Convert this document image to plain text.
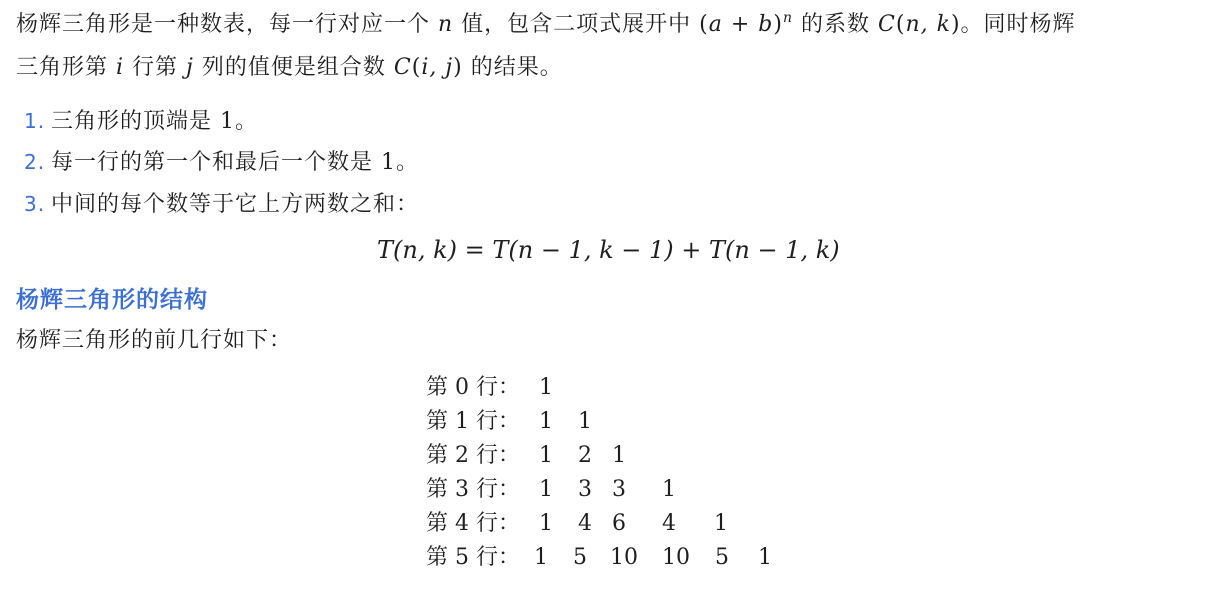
杨辉三角形是一种数表，每一行对应一个 n 值，包含二项式展开中 $(a + b)^n$ 的系数 C(n, k)。同时杨辉
三角形第 i 行第 j 列的值便是组合数 C(i, j) 的结果。
1. 三角形的顶端是 1。
2. 每一行的第一个和最后一个数是 1。
3. 中间的每个数等于它上方两数之和：
T(n, k) = T(n − 1, k − 1) + T(n − 1, k)
杨辉三角形的结构
杨辉三角形的前几行如下：
第 0 行： 1
第 1 行： 1 1
第 2 行： 1 2 1
第 3 行： 1 3 3 1
第 4 行： 1 4 6 4 1
第 5 行： 1 5 10 10 5 1
